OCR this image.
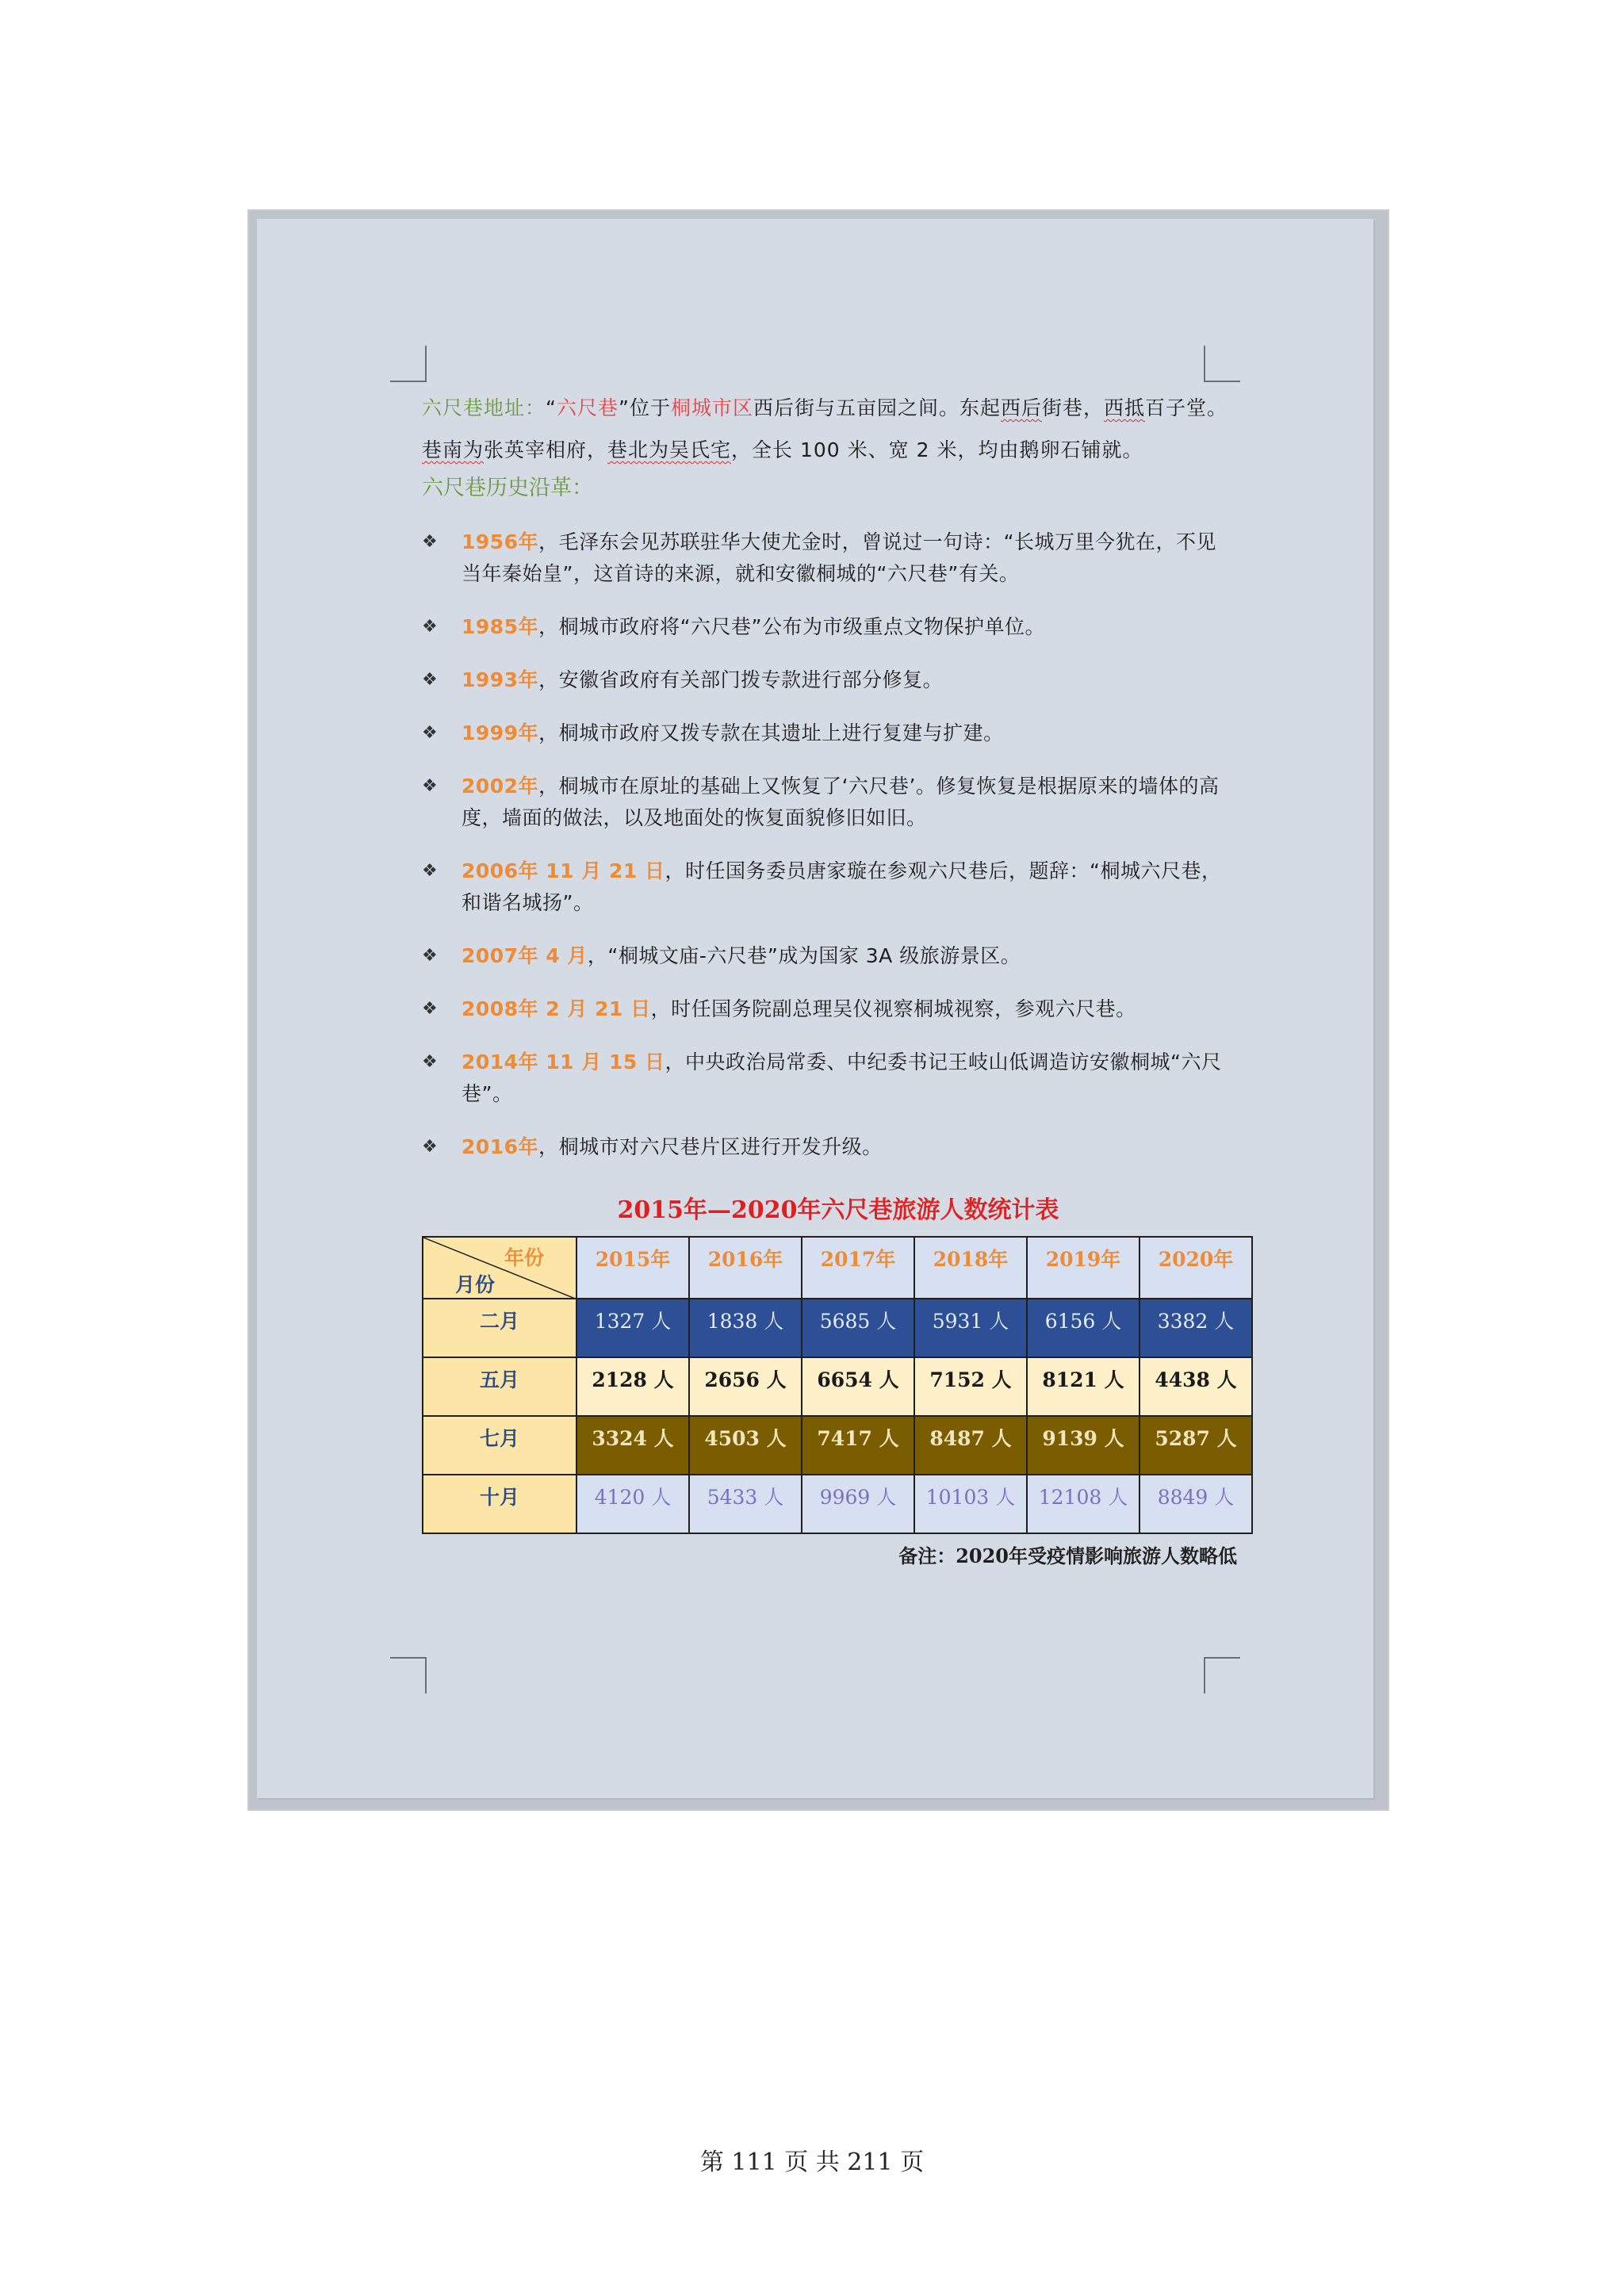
六尺巷地址：“六尺巷”位于桐城市区西后街与五亩园之间。东起西后街巷，西抵百子堂。巷南为张英宰相府，巷北为吴氏宅，全长 100 米、宽 2 米，均由鹅卵石铺就。

六尺巷历史沿革：

❖ 1956年，毛泽东会见苏联驻华大使尤金时，曾说过一句诗：“长城万里今犹在，不见当年秦始皇”，这首诗的来源，就和安徽桐城的“六尺巷”有关。
❖ 1985年，桐城市政府将“六尺巷”公布为市级重点文物保护单位。
❖ 1993年，安徽省政府有关部门拨专款进行部分修复。
❖ 1999年，桐城市政府又拨专款在其遗址上进行复建与扩建。
❖ 2002年，桐城市在原址的基础上又恢复了‘六尺巷’。修复恢复是根据原来的墙体的高度，墙面的做法，以及地面处的恢复面貌修旧如旧。
❖ 2006年 11 月 21 日，时任国务委员唐家璇在参观六尺巷后，题辞：“桐城六尺巷，和谐名城扬”。
❖ 2007年 4 月，“桐城文庙-六尺巷”成为国家 3A 级旅游景区。
❖ 2008年 2 月 21 日，时任国务院副总理吴仪视察桐城视察，参观六尺巷。
❖ 2014年 11 月 15 日，中央政治局常委、中纪委书记王岐山低调造访安徽桐城“六尺巷”。
❖ 2016年，桐城市对六尺巷片区进行开发升级。
2015年—2020年六尺巷旅游人数统计表
年份
月份	2015年	2016年	2017年	2018年	2019年	2020年
二月	1327 人	1838 人	5685 人	5931 人	6156 人	3382 人
五月	2128 人	2656 人	6654 人	7152 人	8121 人	4438 人
七月	3324 人	4503 人	7417 人	8487 人	9139 人	5287 人
十月	4120 人	5433 人	9969 人	10103 人	12108 人	8849 人
备注：2020年受疫情影响旅游人数略低
第 111 页 共 211 页
